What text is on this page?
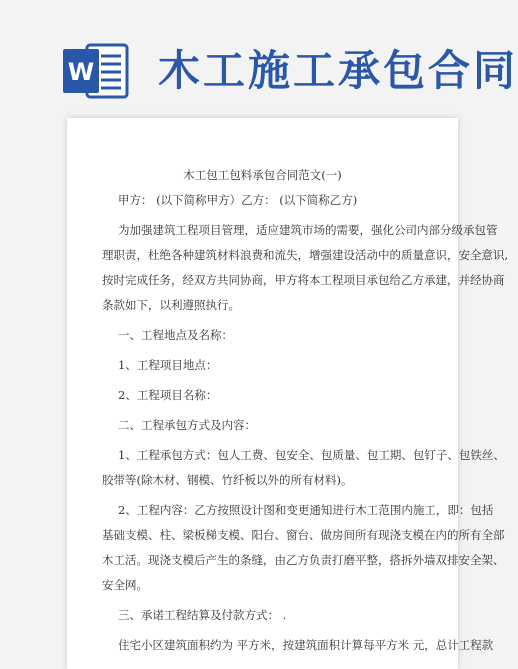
W 木工施工承包合同
木工包工包料承包合同范文(一)
甲方： (以下简称甲方）乙方： (以下简称乙方)
为加强建筑工程项目管理，适应建筑市场的需要，强化公司内部分级承包管
理职责，杜绝各种建筑材料浪费和流失，增强建设活动中的质量意识，安全意识,
按时完成任务，经双方共同协商，甲方将本工程项目承包给乙方承建，并经协商
条款如下，以利遵照执行。
一、工程地点及名称：
1、工程项目地点：
2、工程项目名称：
二、工程承包方式及内容：
1、工程承包方式：包人工费、包安全、包质量、包工期、包钉子、包铁丝、
胶带等(除木材、钢模、竹纤板以外的所有材料)。
2、工程内容：乙方按照设计图和变更通知进行木工范围内施工，即：包括
基础支模、柱、梁板梯支模、阳台、窗台、做房间所有现浇支模在内的所有全部
木工活。现浇支模后产生的条缝，由乙方负责打磨平整，搭拆外墙双排安全架、
安全网。
三、承诺工程结算及付款方式： .
住宅小区建筑面积约为 平方米，按建筑面积计算每平方米 元，总计工程款
